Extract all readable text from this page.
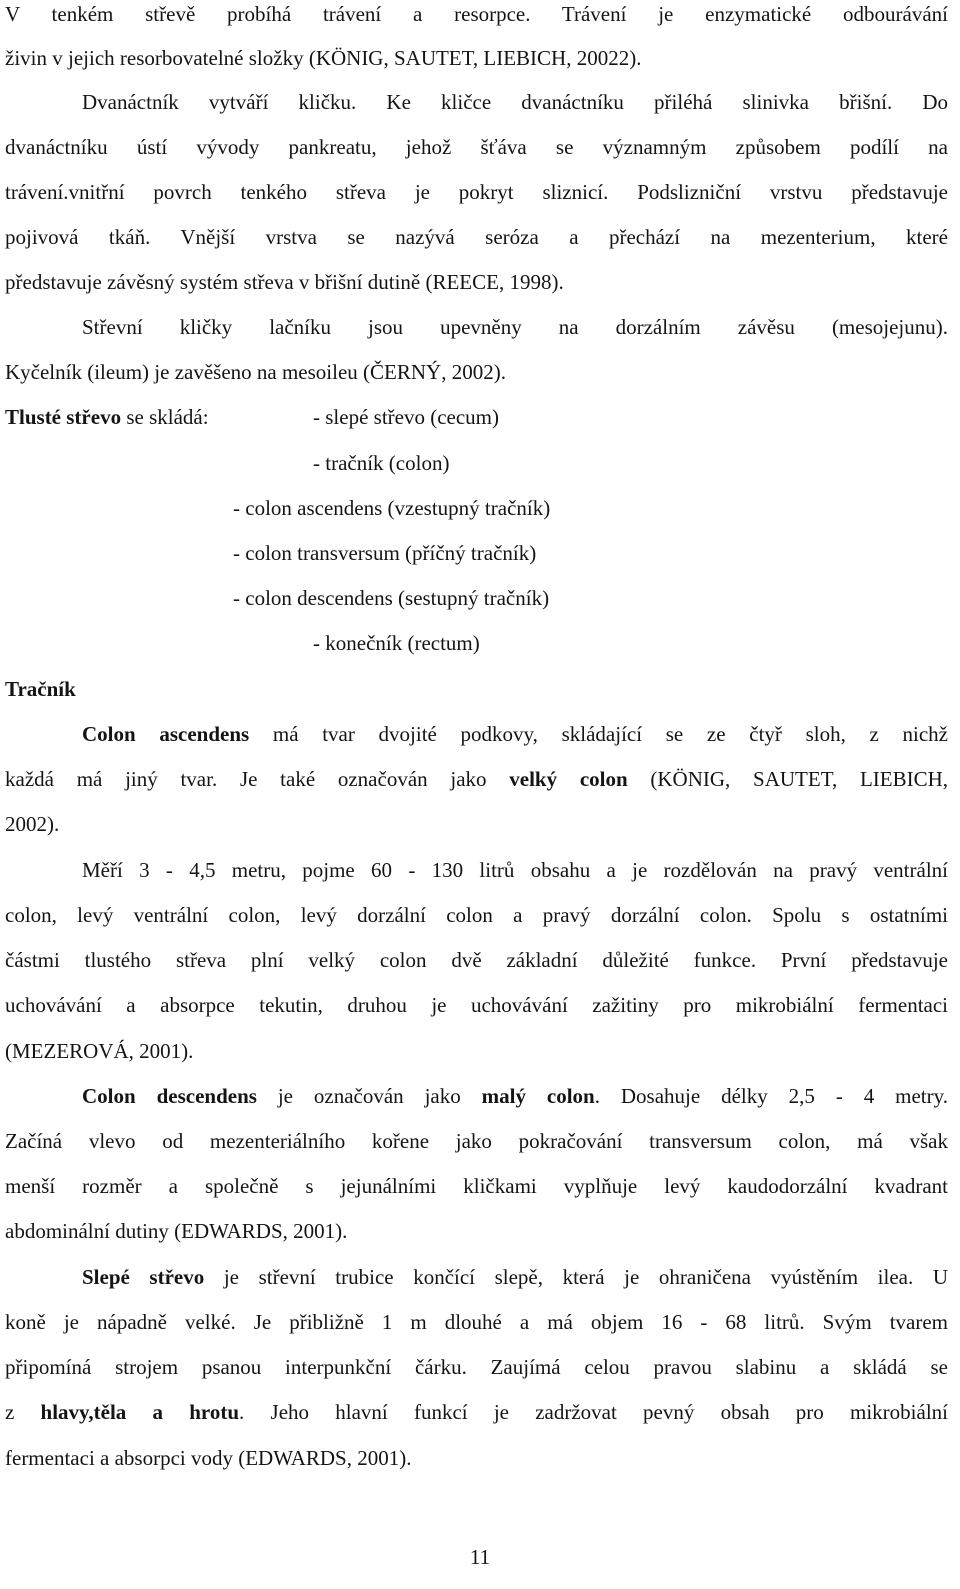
V tenkém střevě probíhá trávení a resorpce. Trávení je enzymatické odbourávání
živin v jejich resorbovatelné složky (KÖNIG, SAUTET, LIEBICH, 20022).
Dvanáctník vytváří kličku. Ke kličce dvanáctníku přiléhá slinivka břišní. Do
dvanáctníku ústí vývody pankreatu, jehož šťáva se významným způsobem podílí na
trávení.vnitřní povrch tenkého střeva je pokryt sliznicí. Podslizniční vrstvu představuje
pojivová tkáň. Vnější vrstva se nazývá seróza a přechází na mezenterium, které
představuje závěsný systém střeva v břišní dutině (REECE, 1998).
Střevní kličky lačníku jsou upevněny na dorzálním závěsu (mesojejunu).
Kyčelník (ileum) je zavěšeno na mesoileu (ČERNÝ, 2002).
Tlusté střevo se skládá:	- slepé střevo (cecum)
- tračník (colon)
- colon ascendens (vzestupný tračník)
- colon transversum (příčný tračník)
- colon descendens (sestupný tračník)
- konečník (rectum)
Tračník
Colon ascendens má tvar dvojité podkovy, skládající se ze čtyř sloh, z nichž
každá má jiný tvar. Je také označován jako velký colon (KÖNIG, SAUTET, LIEBICH,
2002).
Měří 3 - 4,5 metru, pojme 60 - 130 litrů obsahu a je rozdělován na pravý ventrální
colon, levý ventrální colon, levý dorzální colon a pravý dorzální colon. Spolu s ostatními
částmi tlustého střeva plní velký colon dvě základní důležité funkce. První představuje
uchovávání a absorpce tekutin, druhou je uchovávání zažitiny pro mikrobiální fermentaci
(MEZEROVÁ, 2001).
Colon descendens je označován jako malý colon. Dosahuje délky 2,5 - 4 metry.
Začíná vlevo od mezenteriálního kořene jako pokračování transversum colon, má však
menší rozměr a společně s jejunálními kličkami vyplňuje levý kaudodorzální kvadrant
abdominální dutiny (EDWARDS, 2001).
Slepé střevo je střevní trubice končící slepě, která je ohraničena vyústěním ilea. U
koně je nápadně velké. Je přibližně 1 m dlouhé a má objem 16 - 68 litrů. Svým tvarem
připomíná strojem psanou interpunkční čárku. Zaujímá celou pravou slabinu a skládá se
z hlavy,těla a hrotu. Jeho hlavní funkcí je zadržovat pevný obsah pro mikrobiální
fermentaci a absorpci vody (EDWARDS, 2001).
11
